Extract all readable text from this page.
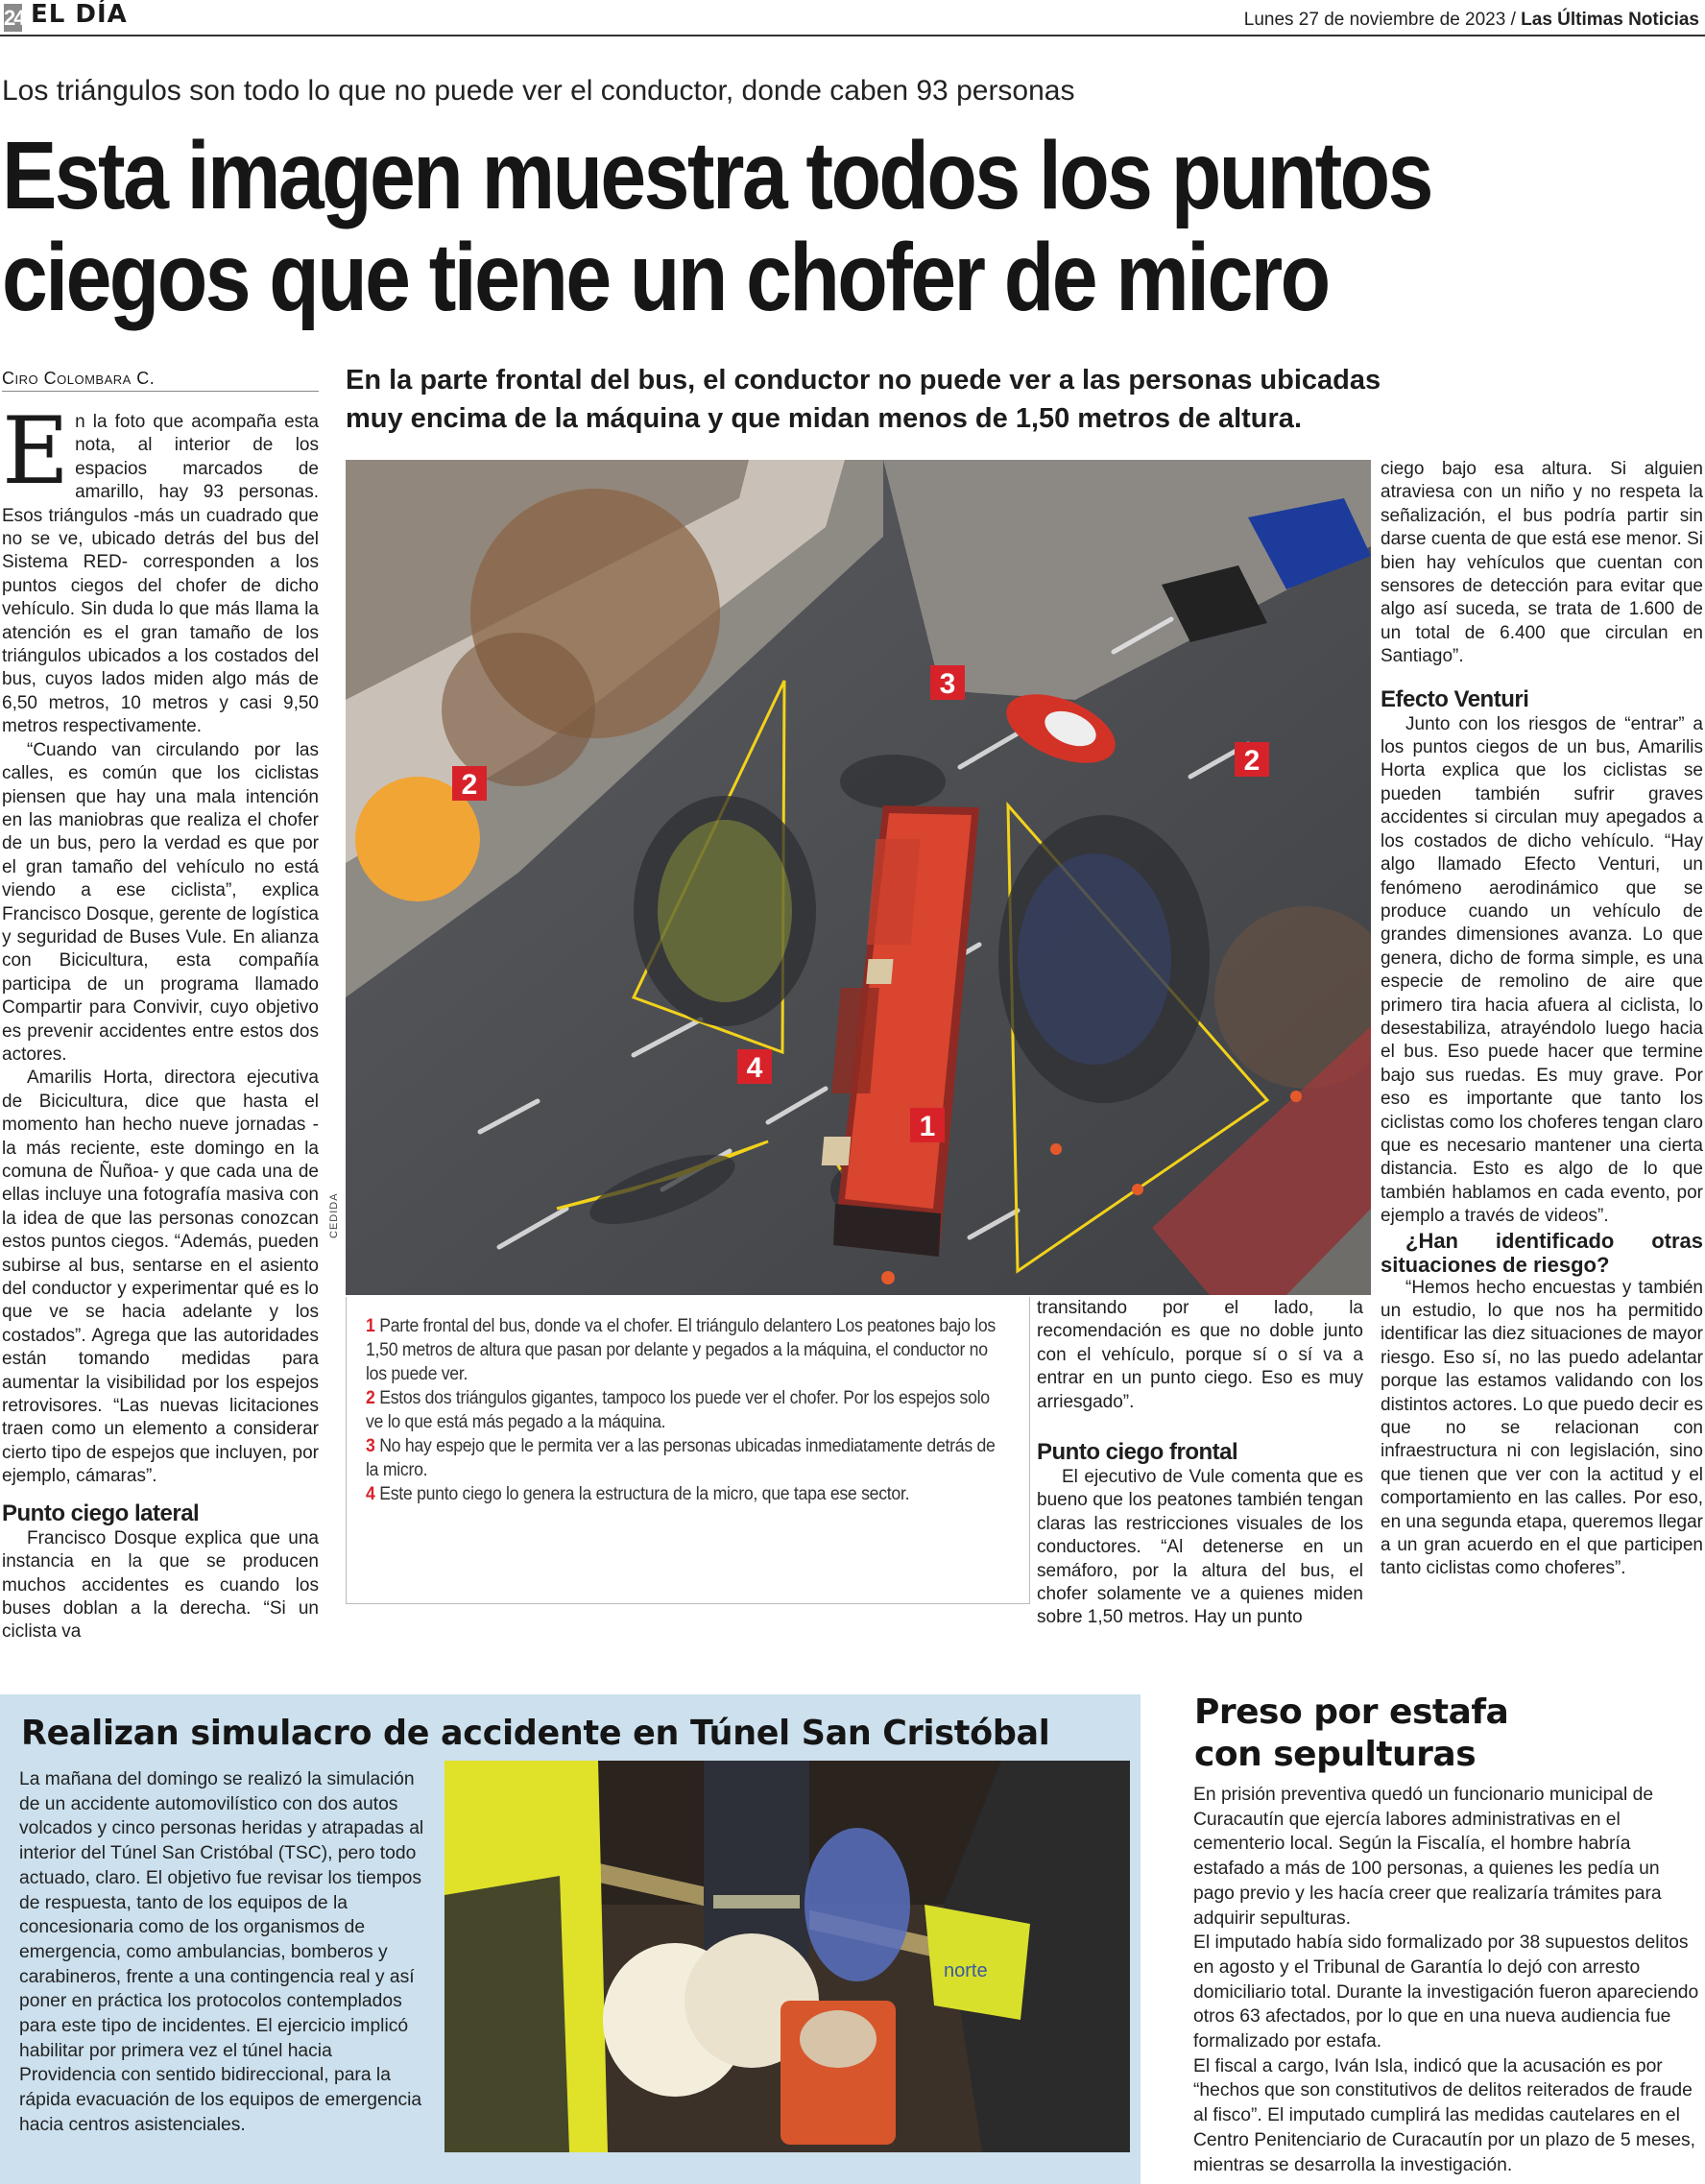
24 EL DÍA	Lunes 27 de noviembre de 2023 / Las Últimas Noticias
Los triángulos son todo lo que no puede ver el conductor, donde caben 93 personas
Esta imagen muestra todos los puntos
ciegos que tiene un chofer de micro
Ciro Colombara C.	En la parte frontal del bus, el conductor no puede ver a las personas ubicadas muy encima de la máquina y que midan menos de 1,50 metros de altura.

En la foto que acompaña esta nota, al interior de los espacios marcados de amarillo, hay 93 personas. Esos triángulos -más un cuadrado que no se ve, ubicado detrás del bus del Sistema RED- corresponden a los puntos ciegos del chofer de dicho vehículo. Sin duda lo que más llama la atención es el gran tamaño de los triángulos ubicados a los costados del bus, cuyos lados miden algo más de 6,50 metros, 10 metros y casi 9,50 metros respectivamente.

“Cuando van circulando por las calles, es común que los ciclistas piensen que hay una mala intención en las maniobras que realiza el chofer de un bus, pero la verdad es que por el gran tamaño del vehículo no está viendo a ese ciclista”, explica Francisco Dosque, gerente de logística y seguridad de Buses Vule. En alianza con Bicicultura, esta compañía participa de un programa llamado Compartir para Convivir, cuyo objetivo es prevenir accidentes entre estos dos actores.

Amarilis Horta, directora ejecutiva de Bicicultura, dice que hasta el momento han hecho nueve jornadas -la más reciente, este domingo en la comuna de Ñuñoa- y que cada una de ellas incluye una fotografía masiva con la idea de que las personas conozcan estos puntos ciegos. “Además, pueden subirse al bus, sentarse en el asiento del conductor y experimentar qué es lo que ve se hacia adelante y los costados”. Agrega que las autoridades están tomando medidas para aumentar la visibilidad por los espejos retrovisores. “Las nuevas licitaciones traen como un elemento a considerar cierto tipo de espejos que incluyen, por ejemplo, cámaras”.

Punto ciego lateral

Francisco Dosque explica que una instancia en la que se producen muchos accidentes es cuando los buses doblan a la derecha. “Si un ciclista va

3
2
2
4
1
CEDIDA

1 Parte frontal del bus, donde va el chofer. El triángulo delantero Los peatones bajo los 1,50 metros de altura que pasan por delante y pegados a la máquina, el conductor no los puede ver.

2 Estos dos triángulos gigantes, tampoco los puede ver el chofer. Por los espejos solo ve lo que está más pegado a la máquina.

3 No hay espejo que le permita ver a las personas ubicadas inmediatamente detrás de la micro.

4 Este punto ciego lo genera la estructura de la micro, que tapa ese sector.

transitando por el lado, la recomendación es que no doble junto con el vehículo, porque sí o sí va a entrar en un punto ciego. Eso es muy arriesgado”.

Punto ciego frontal

El ejecutivo de Vule comenta que es bueno que los peatones también tengan claras las restricciones visuales de los conductores. “Al detenerse en un semáforo, por la altura del bus, el chofer solamente ve a quienes miden sobre 1,50 metros. Hay un punto

ciego bajo esa altura. Si alguien atraviesa con un niño y no respeta la señalización, el bus podría partir sin darse cuenta de que está ese menor. Si bien hay vehículos que cuentan con sensores de detección para evitar que algo así suceda, se trata de 1.600 de un total de 6.400 que circulan en Santiago”.

Efecto Venturi

Junto con los riesgos de “entrar” a los puntos ciegos de un bus, Amarilis Horta explica que los ciclistas se pueden también sufrir graves accidentes si circulan muy apegados a los costados de dicho vehículo. “Hay algo llamado Efecto Venturi, un fenómeno aerodinámico que se produce cuando un vehículo de grandes dimensiones avanza. Lo que genera, dicho de forma simple, es una especie de remolino de aire que primero tira hacia afuera al ciclista, lo desestabiliza, atrayéndolo luego hacia el bus. Eso puede hacer que termine bajo sus ruedas. Es muy grave. Por eso es importante que tanto los ciclistas como los choferes tengan claro que es necesario mantener una cierta distancia. Esto es algo de lo que también hablamos en cada evento, por ejemplo a través de videos”.

¿Han identificado otras situaciones de riesgo?

“Hemos hecho encuestas y también un estudio, lo que nos ha permitido identificar las diez situaciones de mayor riesgo. Eso sí, no las puedo adelantar porque las estamos validando con los distintos actores. Lo que puedo decir es que no se relacionan con infraestructura ni con legislación, sino que tienen que ver con la actitud y el comportamiento en las calles. Por eso, en una segunda etapa, queremos llegar a un gran acuerdo en el que participen tanto ciclistas como choferes”.

Realizan simulacro de accidente en Túnel San Cristóbal
La mañana del domingo se realizó la simulación de un accidente automovilístico con dos autos volcados y cinco personas heridas y atrapadas al interior del Túnel San Cristóbal (TSC), pero todo actuado, claro. El objetivo fue revisar los tiempos de respuesta, tanto de los equipos de la concesionaria como de los organismos de emergencia, como ambulancias, bomberos y carabineros, frente a una contingencia real y así poner en práctica los protocolos contemplados para este tipo de incidentes. El ejercicio implicó habilitar por primera vez el túnel hacia Providencia con sentido bidireccional, para la rápida evacuación de los equipos de emergencia hacia centros asistenciales.
norte
Preso por estafa
con sepulturas

En prisión preventiva quedó un funcionario municipal de Curacautín que ejercía labores administrativas en el cementerio local. Según la Fiscalía, el hombre habría estafado a más de 100 personas, a quienes les pedía un pago previo y les hacía creer que realizaría trámites para adquirir sepulturas.

El imputado había sido formalizado por 38 supuestos delitos en agosto y el Tribunal de Garantía lo dejó con arresto domiciliario total. Durante la investigación fueron apareciendo otros 63 afectados, por lo que en una nueva audiencia fue formalizado por estafa.

El fiscal a cargo, Iván Isla, indicó que la acusación es por “hechos que son constitutivos de delitos reiterados de fraude al fisco”. El imputado cumplirá las medidas cautelares en el Centro Penitenciario de Curacautín por un plazo de 5 meses, mientras se desarrolla la investigación.
